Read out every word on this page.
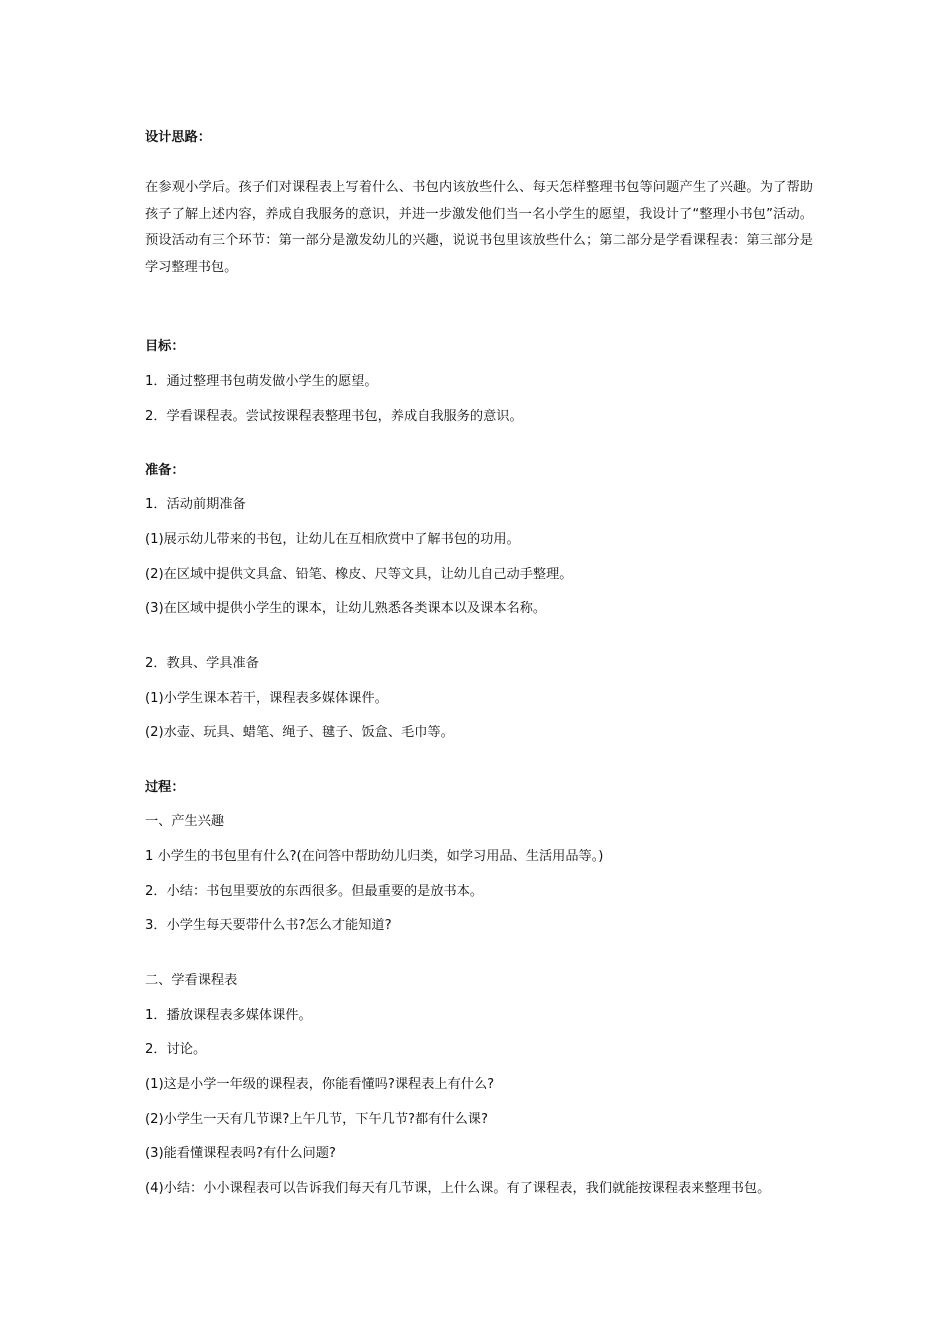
设计思路：
在参观小学后。孩子们对课程表上写着什么、书包内该放些什么、每天怎样整理书包等问题产生了兴趣。为了帮助孩子了解上述内容，养成自我服务的意识，并进一步激发他们当一名小学生的愿望，我设计了“整理小书包”活动。预设活动有三个环节：第一部分是激发幼儿的兴趣，说说书包里该放些什么；第二部分是学看课程表：第三部分是学习整理书包。
目标：
1．通过整理书包萌发做小学生的愿望。
2．学看课程表。尝试按课程表整理书包，养成自我服务的意识。
准备：
1．活动前期准备
(1)展示幼儿带来的书包，让幼儿在互相欣赏中了解书包的功用。
(2)在区域中提供文具盒、铅笔、橡皮、尺等文具，让幼儿自己动手整理。
(3)在区域中提供小学生的课本，让幼儿熟悉各类课本以及课本名称。
2．教具、学具准备
(1)小学生课本若干，课程表多媒体课件。
(2)水壶、玩具、蜡笔、绳子、毽子、饭盒、毛巾等。
过程：
一、产生兴趣
1 小学生的书包里有什么?(在问答中帮助幼儿归类，如学习用品、生活用品等。)
2．小结：书包里要放的东西很多。但最重要的是放书本。
3．小学生每天要带什么书?怎么才能知道?
二、学看课程表
1．播放课程表多媒体课件。
2．讨论。
(1)这是小学一年级的课程表，你能看懂吗?课程表上有什么?
(2)小学生一天有几节课?上午几节，下午几节?都有什么课?
(3)能看懂课程表吗?有什么问题?
(4)小结：小小课程表可以告诉我们每天有几节课，上什么课。有了课程表，我们就能按课程表来整理书包。
